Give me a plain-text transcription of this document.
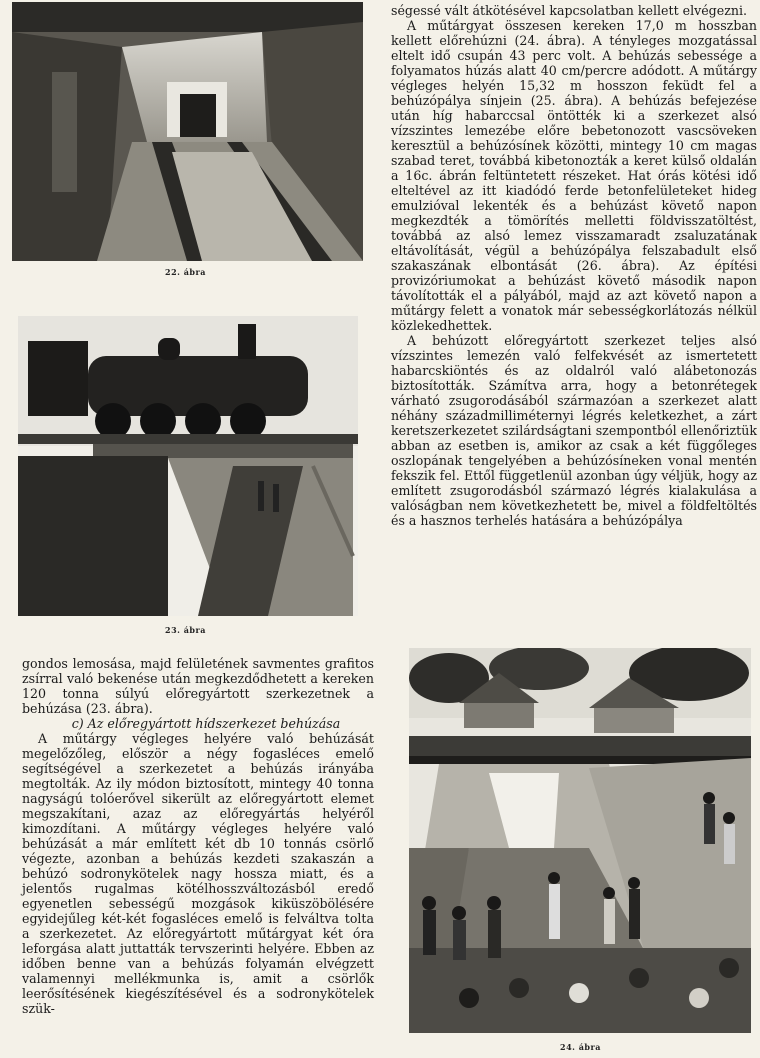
22. ábra
23. ábra
24. ábra

ségessé vált átkötésével kapcsolatban kellett elvégezni.

A műtárgyat összesen kereken 17,0 m hosszban kellett előrehúzni (24. ábra). A tényleges mozgatással eltelt idő csupán 43 perc volt. A behúzás sebessége a folyamatos húzás alatt 40 cm/percre adódott. A műtárgy végleges helyén 15,32 m hosszon feküdt fel a behúzópálya sínjein (25. ábra). A behúzás befejezése után híg habarccsal öntötték ki a szerkezet alsó vízszintes lemezébe előre bebetonozott vascsöveken keresztül a behúzósínek közötti, mintegy 10 cm magas szabad teret, továbbá kibetonozták a keret külső oldalán a 16c. ábrán feltüntetett részeket. Hat órás kötési idő elteltével az itt kiadódó ferde betonfelületeket hideg emulzióval lekenték és a behúzást követő napon megkezdték a tömörítés melletti földvisszatöltést, továbbá az alsó lemez visszamaradt zsaluzatának eltávolítását, végül a behúzópálya felszabadult első szakaszának elbontását (26. ábra). Az építési provizóriumokat a behúzást követő második napon távolították el a pályából, majd az azt követő napon a műtárgy felett a vonatok már sebességkorlátozás nélkül közlekedhettek.

A behúzott előregyártott szerkezet teljes alsó vízszintes lemezén való felfekvését az ismertetett habarcskiöntés és az oldalról való alábetonozás biztosították. Számítva arra, hogy a betonrétegek várható zsugorodásából származóan a szerkezet alatt néhány századmilliméternyi légrés keletkezhet, a zárt keretszerkezetet szilárdságtani szempontból ellenőriztük abban az esetben is, amikor az csak a két függőleges oszlopának tengelyében a behúzósíneken vonal mentén fekszik fel. Ettől függetlenül azonban úgy véljük, hogy az említett zsugorodásból származó légrés kialakulása a valóságban nem következhetett be, mivel a földfeltöltés és a hasznos terhelés hatására a behúzópálya

gondos lemosása, majd felületének savmentes grafitos zsírral való bekenése után megkezdődhetett a kereken 120 tonna súlyú előregyártott szerkezetnek a behúzása (23. ábra).

c) Az előregyártott hídszerkezet behúzása

A műtárgy végleges helyére való behúzását megelőzőleg, először a négy fogasléces emelő segítségével a szerkezetet a behúzás irányába megtolták. Az ily módon biztosított, mintegy 40 tonna nagyságú tolóerővel sikerült az előregyártott elemet megszakítani, azaz az előregyártás helyéről kimozdítani. A műtárgy végleges helyére való behúzását a már említett két db 10 tonnás csörlő végezte, azonban a behúzás kezdeti szakaszán a behúzó sodronykötelek nagy hossza miatt, és a jelentős rugalmas kötélhosszváltozásból eredő egyenetlen sebességű mozgások kiküszöbölésére egyidejűleg két-két fogasléces emelő is felváltva tolta a szerkezetet. Az előregyártott műtárgyat két óra leforgása alatt juttatták tervszerinti helyére. Ebben az időben benne van a behúzás folyamán elvégzett valamennyi mellékmunka is, amit a csörlők leerősítésének kiegészítésével és a sodronykötelek szük-
